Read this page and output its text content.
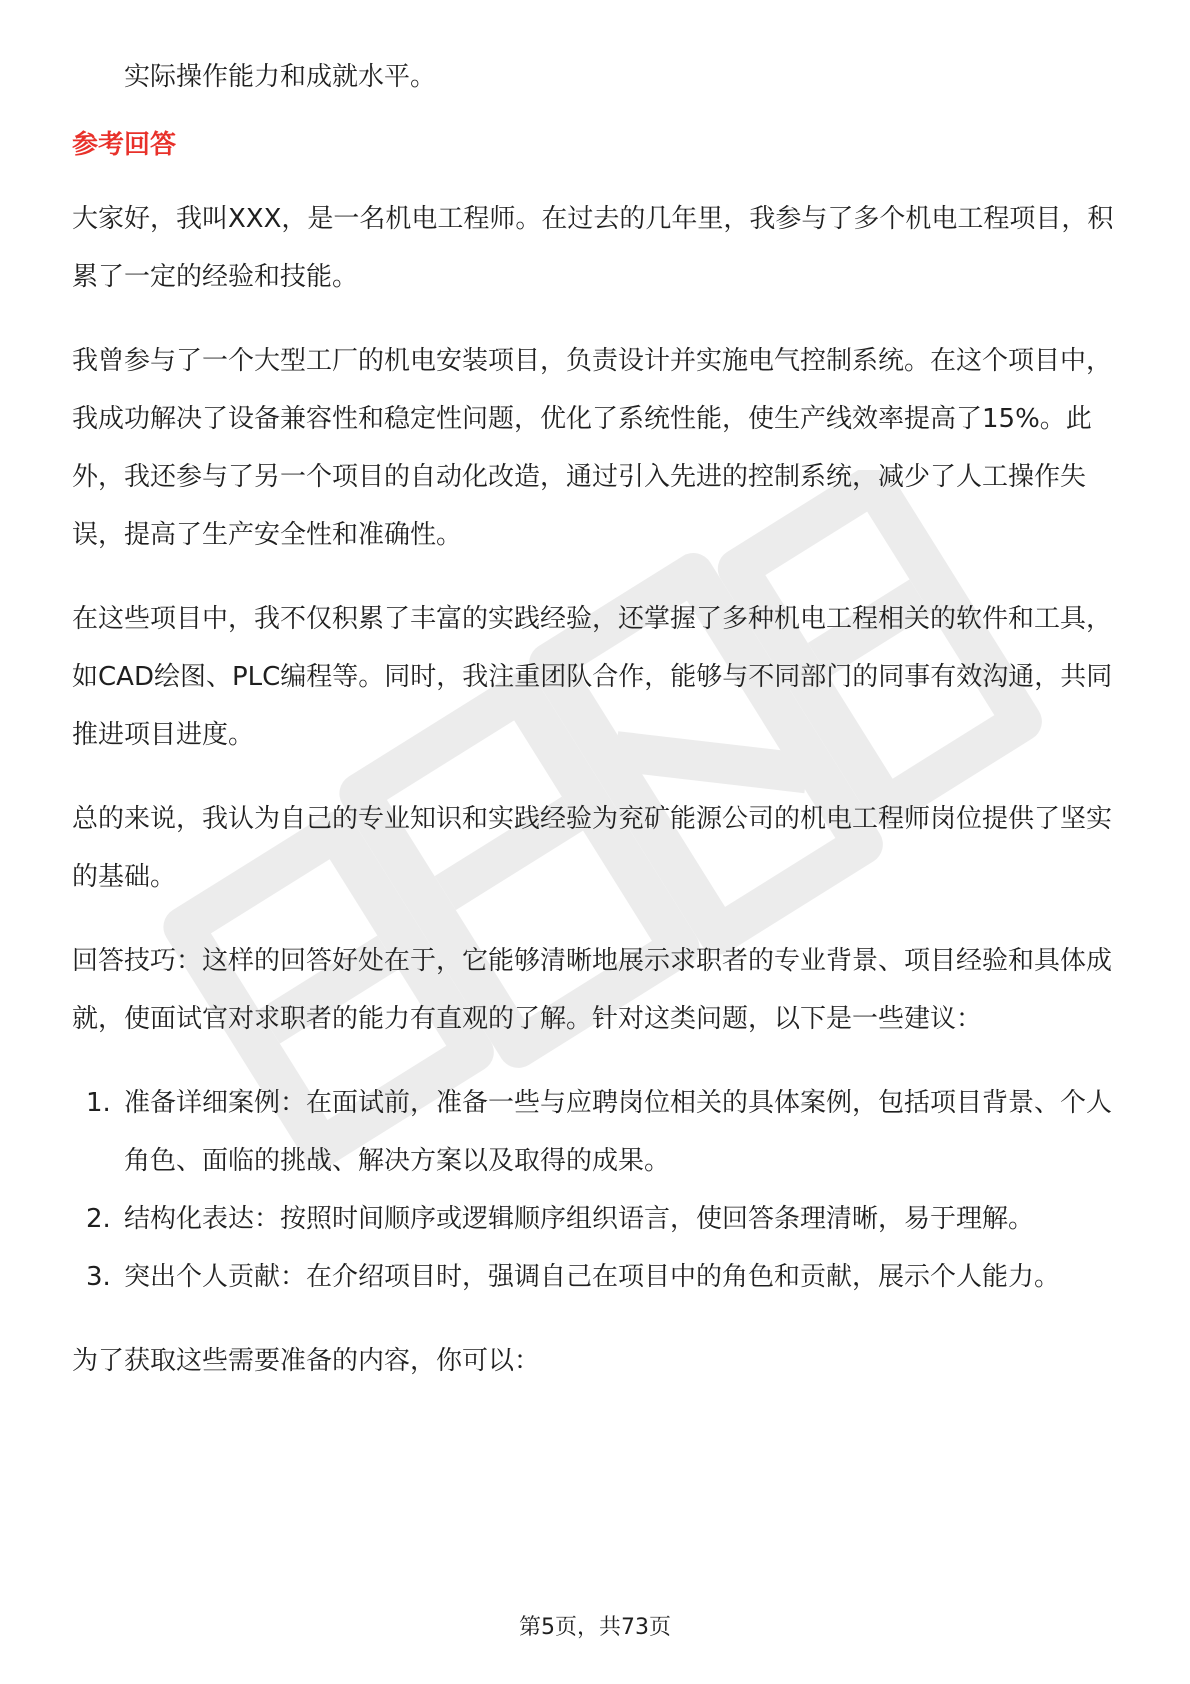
实际操作能力和成就水平。

参考回答

大家好，我叫XXX，是一名机电工程师。在过去的几年里，我参与了多个机电工程项目，积累了一定的经验和技能。

我曾参与了一个大型工厂的机电安装项目，负责设计并实施电气控制系统。在这个项目中，我成功解决了设备兼容性和稳定性问题，优化了系统性能，使生产线效率提高了15%。此外，我还参与了另一个项目的自动化改造，通过引入先进的控制系统，减少了人工操作失误，提高了生产安全性和准确性。

在这些项目中，我不仅积累了丰富的实践经验，还掌握了多种机电工程相关的软件和工具，如CAD绘图、PLC编程等。同时，我注重团队合作，能够与不同部门的同事有效沟通，共同推进项目进度。

总的来说，我认为自己的专业知识和实践经验为兖矿能源公司的机电工程师岗位提供了坚实的基础。

回答技巧：这样的回答好处在于，它能够清晰地展示求职者的专业背景、项目经验和具体成就，使面试官对求职者的能力有直观的了解。针对这类问题，以下是一些建议：

1. 准备详细案例：在面试前，准备一些与应聘岗位相关的具体案例，包括项目背景、个人角色、面临的挑战、解决方案以及取得的成果。
2. 结构化表达：按照时间顺序或逻辑顺序组织语言，使回答条理清晰，易于理解。
3. 突出个人贡献：在介绍项目时，强调自己在项目中的角色和贡献，展示个人能力。

为了获取这些需要准备的内容，你可以：

第5页，共73页
